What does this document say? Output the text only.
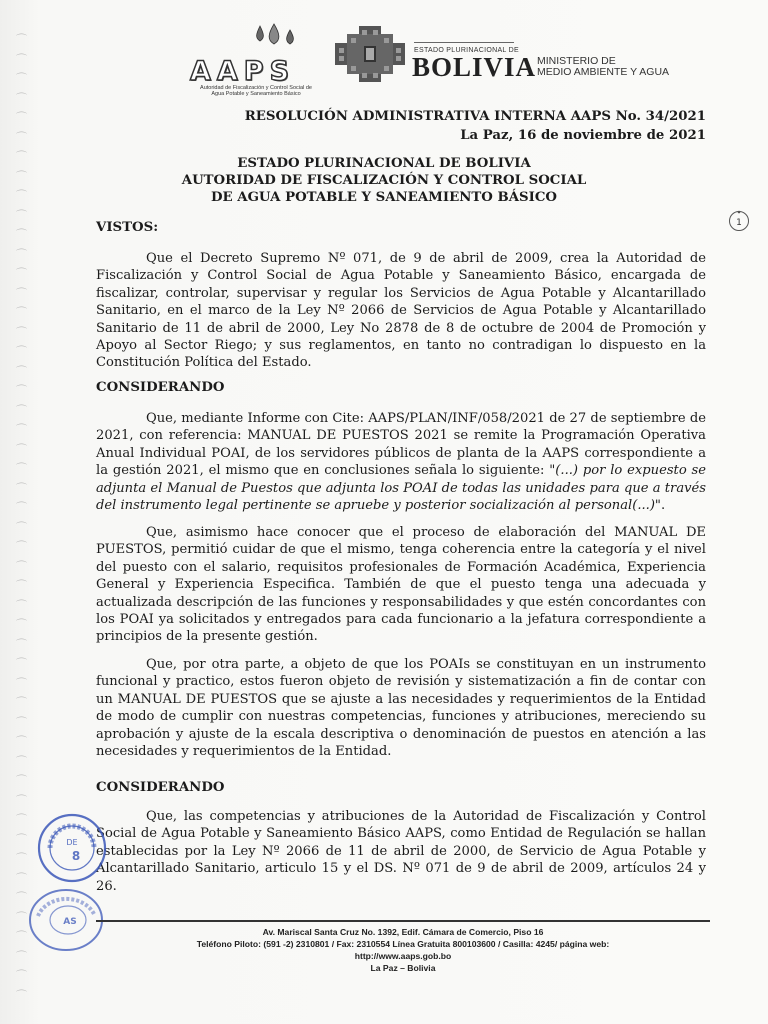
⌒
⌒
⌒
⌒
⌒
⌒
⌒
⌒
⌒
⌒
⌒
⌒
⌒
⌒
⌒
⌒
⌒
⌒
⌒
⌒
⌒
⌒
⌒
⌒
⌒
⌒
⌒
⌒
⌒
⌒
⌒
⌒
⌒
⌒
⌒
⌒
⌒
⌒
⌒
⌒
⌒
⌒
⌒
⌒
⌒
⌒
⌒
⌒
⌒
⌒
AAPS
Autoridad de Fiscalización y Control Social de Agua Potable y Saneamiento Básico
ESTADO PLURINACIONAL DE
BOLIVIA MINISTERIO DE
MEDIO AMBIENTE Y AGUA
RESOLUCIÓN ADMINISTRATIVA INTERNA AAPS No. 34/2021
La Paz, 16 de noviembre de 2021
ESTADO PLURINACIONAL DE BOLIVIA
AUTORIDAD DE FISCALIZACIÓN Y CONTROL SOCIAL
DE AGUA POTABLE Y SANEAMIENTO BÁSICO
1
VISTOS:
Que el Decreto Supremo Nº 071, de 9 de abril de 2009, crea la Autoridad de Fiscalización y Control Social de Agua Potable y Saneamiento Básico, encargada de fiscalizar, controlar, supervisar y regular los Servicios de Agua Potable y Alcantarillado Sanitario, en el marco de la Ley Nº 2066 de Servicios de Agua Potable y Alcantarillado Sanitario de 11 de abril de 2000, Ley No 2878 de 8 de octubre de 2004 de Promoción y Apoyo al Sector Riego; y sus reglamentos, en tanto no contradigan lo dispuesto en la Constitución Política del Estado.
CONSIDERANDO
Que, mediante Informe con Cite: AAPS/PLAN/INF/058/2021 de 27 de septiembre de 2021, con referencia: MANUAL DE PUESTOS 2021 se remite la Programación Operativa Anual Individual POAI, de los servidores públicos de planta de la AAPS correspondiente a la gestión 2021, el mismo que en conclusiones señala lo siguiente: "(...) por lo expuesto se adjunta el Manual de Puestos que adjunta los POAI de todas las unidades para que a través del instrumento legal pertinente se apruebe y posterior socialización al personal(...)".
Que, asimismo hace conocer que el proceso de elaboración del MANUAL DE PUESTOS, permitió cuidar de que el mismo, tenga coherencia entre la categoría y el nivel del puesto con el salario, requisitos profesionales de Formación Académica, Experiencia General y Experiencia Especifica. También de que el puesto tenga una adecuada y actualizada descripción de las funciones y responsabilidades y que estén concordantes con los POAI ya solicitados y entregados para cada funcionario a la jefatura correspondiente a principios de la presente gestión.
Que, por otra parte, a objeto de que los POAIs se constituyan en un instrumento funcional y practico, estos fueron objeto de revisión y sistematización a fin de contar con un MANUAL DE PUESTOS que se ajuste a las necesidades y requerimientos de la Entidad de modo de cumplir con nuestras competencias, funciones y atribuciones, mereciendo su aprobación y ajuste de la escala descriptiva o denominación de puestos en atención a las necesidades y requerimientos de la Entidad.
CONSIDERANDO
Que, las competencias y atribuciones de la Autoridad de Fiscalización y Control Social de Agua Potable y Saneamiento Básico AAPS, como Entidad de Regulación se hallan establecidas por la Ley Nº 2066 de 11 de abril de 2000, de Servicio de Agua Potable y Alcantarillado Sanitario, articulo 15 y el DS. Nº 071 de 9 de abril de 2009, artículos 24 y 26.
DE
8
AS
Av. Mariscal Santa Cruz No. 1392, Edif. Cámara de Comercio, Piso 16
Teléfono Piloto: (591 -2) 2310801 / Fax: 2310554 Línea Gratuita 800103600 / Casilla: 4245/ página web:
http://www.aaps.gob.bo
La Paz – Bolivia
